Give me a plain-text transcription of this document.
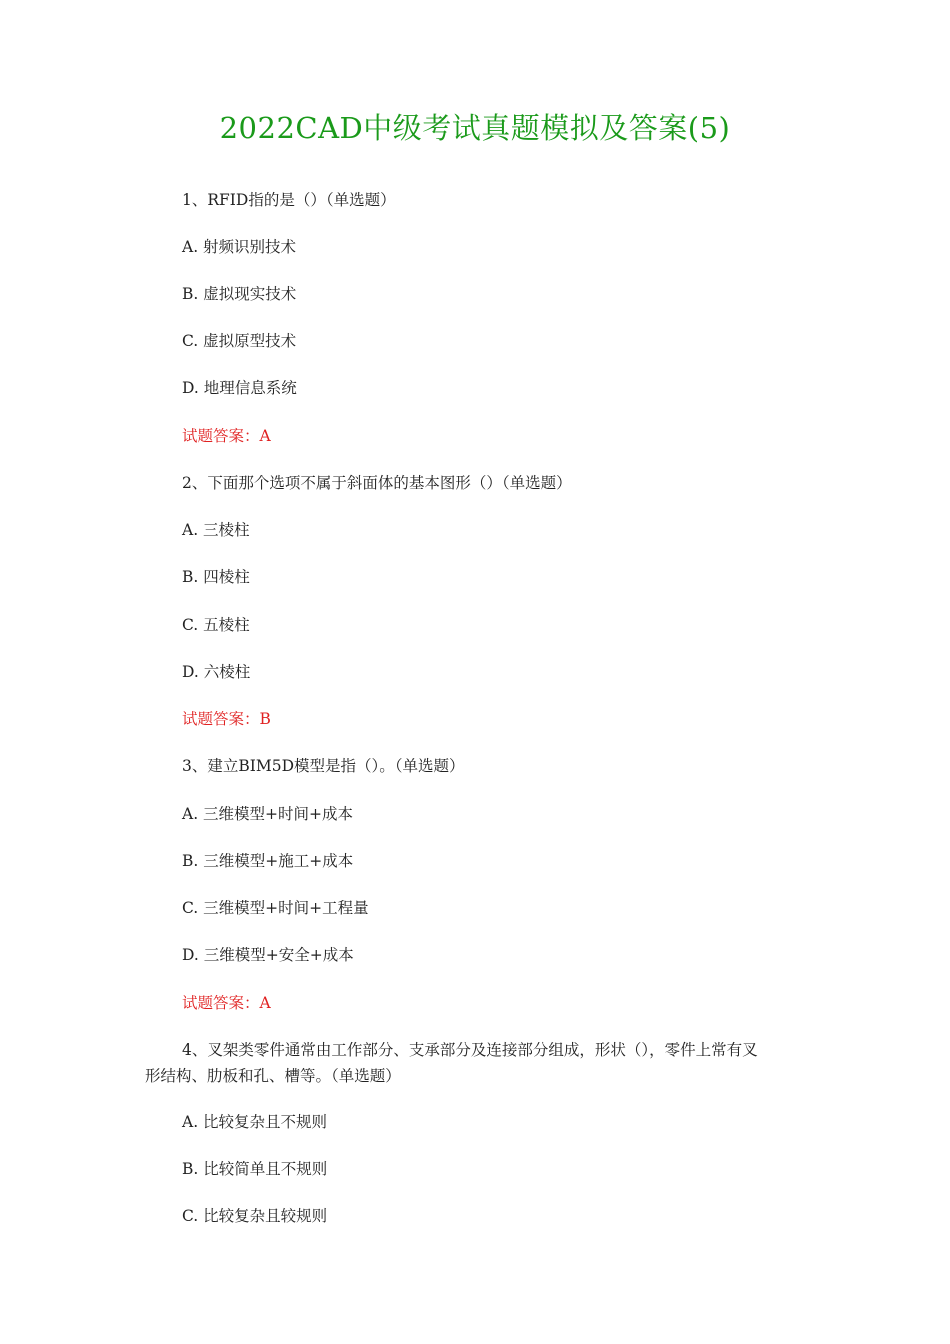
2022CAD中级考试真题模拟及答案(5)
1、RFID指的是（）（单选题）
A. 射频识别技术
B. 虚拟现实技术
C. 虚拟原型技术
D. 地理信息系统
试题答案：A
2、下面那个选项不属于斜面体的基本图形（）（单选题）
A. 三棱柱
B. 四棱柱
C. 五棱柱
D. 六棱柱
试题答案：B
3、建立BIM5D模型是指（）。（单选题）
A. 三维模型+时间+成本
B. 三维模型+施工+成本
C. 三维模型+时间+工程量
D. 三维模型+安全+成本
试题答案：A
4、叉架类零件通常由工作部分、支承部分及连接部分组成，形状（），零件上常有叉
形结构、肋板和孔、槽等。（单选题）
A. 比较复杂且不规则
B. 比较简单且不规则
C. 比较复杂且较规则
